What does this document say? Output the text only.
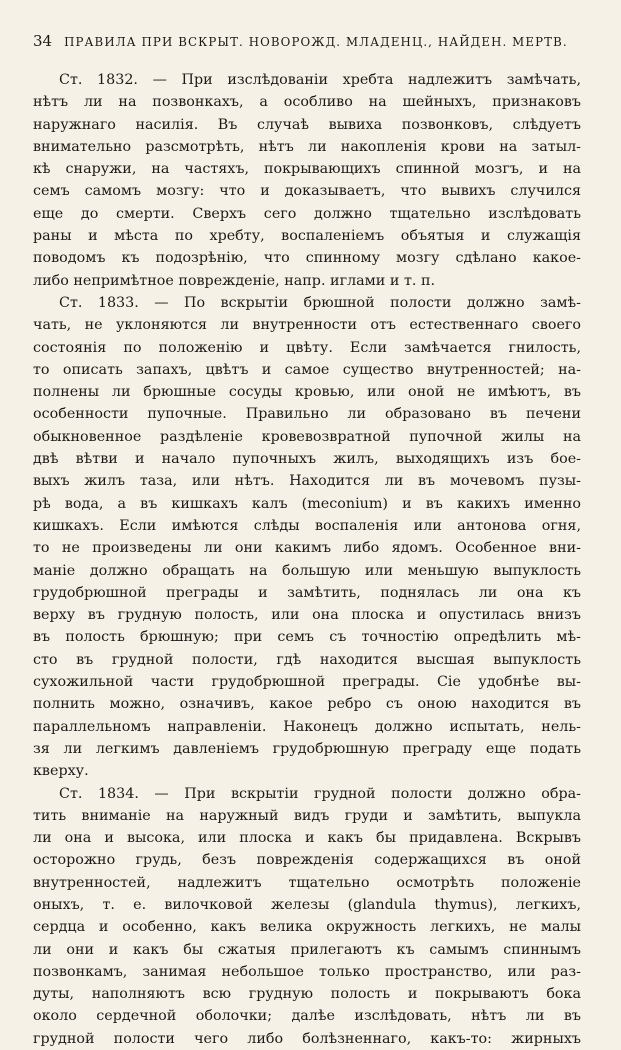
34 ПРАВИЛА ПРИ ВСКРЫТ. НОВОРОЖД. МЛАДЕНЦ., НАЙДЕН. МЕРТВ.
Ст. 1832. — При изслѣдованiи хребта надлежитъ замѣчать,
нѣтъ ли на позвонкахъ, а особливо на шейныхъ, признаковъ
наружнаго насилiя. Въ случаѣ вывиха позвонковъ, слѣдуетъ
внимательно разсмотрѣть, нѣтъ ли накопленiя крови на затыл-
кѣ снаружи, на частяхъ, покрывающихъ спинной мозгъ, и на
семъ самомъ мозгу: что и доказываетъ, что вывихъ случился
еще до смерти. Сверхъ сего должно тщательно изслѣдовать
раны и мѣста по хребту, воспаленiемъ объятыя и служащiя
поводомъ къ подозрѣнiю, что спинному мозгу сдѣлано какое-
либо непримѣтное повреждeнiе, напр. иглами и т. п.
Ст. 1833. — По вскрытiи брюшной полости должно замѣ-
чать, не уклоняются ли внутренности отъ естественнаго своего
состоянiя по положенiю и цвѣту. Если замѣчается гнилость,
то описать запахъ, цвѣтъ и самое существо внутренностей; на-
полнены ли брюшные сосуды кровью, или оной не имѣютъ, въ
особенности пупочные. Правильно ли образовано въ печени
обыкновенное раздѣленiе кровевозвратной пупочной жилы на
двѣ вѣтви и начало пупочныхъ жилъ, выходящихъ изъ бое-
выхъ жилъ таза, или нѣтъ. Находится ли въ мочевомъ пузы-
рѣ вода, а въ кишкахъ калъ (meconium) и въ какихъ именно
кишкахъ. Если имѣются слѣды воспаленiя или антонова огня,
то не произведены ли они какимъ либо ядомъ. Особенное вни-
манiе должно обращать на большую или меньшую выпуклость
грудобрюшной преграды и замѣтить, поднялась ли она къ
верху въ грудную полость, или она плоска и опустилась внизъ
въ полость брюшную; при семъ съ точностiю опредѣлить мѣ-
сто въ грудной полости, гдѣ находится высшая выпуклость
сухожильной части грудобрюшной преграды. Сiе удобнѣе вы-
полнить можно, означивъ, какое ребро съ оною находится въ
параллельномъ направленiи. Наконецъ должно испытать, нель-
зя ли легкимъ давленiемъ грудобрюшную преграду еще подать
кверху.
Ст. 1834. — При вскрытiи грудной полости должно обра-
тить вниманiе на наружный видъ груди и замѣтить, выпукла
ли она и высока, или плоска и какъ бы придавлена. Вскрывъ
осторожно грудь, безъ повреждeнiя содержащихся въ оной
внутренностей, надлежитъ тщательно осмотрѣть положенiе
оныхъ, т. е. вилочковой железы (glandula thymus), легкихъ,
сердца и особенно, какъ велика окружность легкихъ, не малы
ли они и какъ бы сжатыя прилегаютъ къ самымъ спиннымъ
позвонкамъ, занимая небольшое только пространство, или раз-
дуты, наполняютъ всю грудную полость и покрываютъ бока
около сердечной оболочки; далѣе изслѣдовать, нѣтъ ли въ
грудной полости чего либо болѣзненнаго, какъ-то: жирныхъ
